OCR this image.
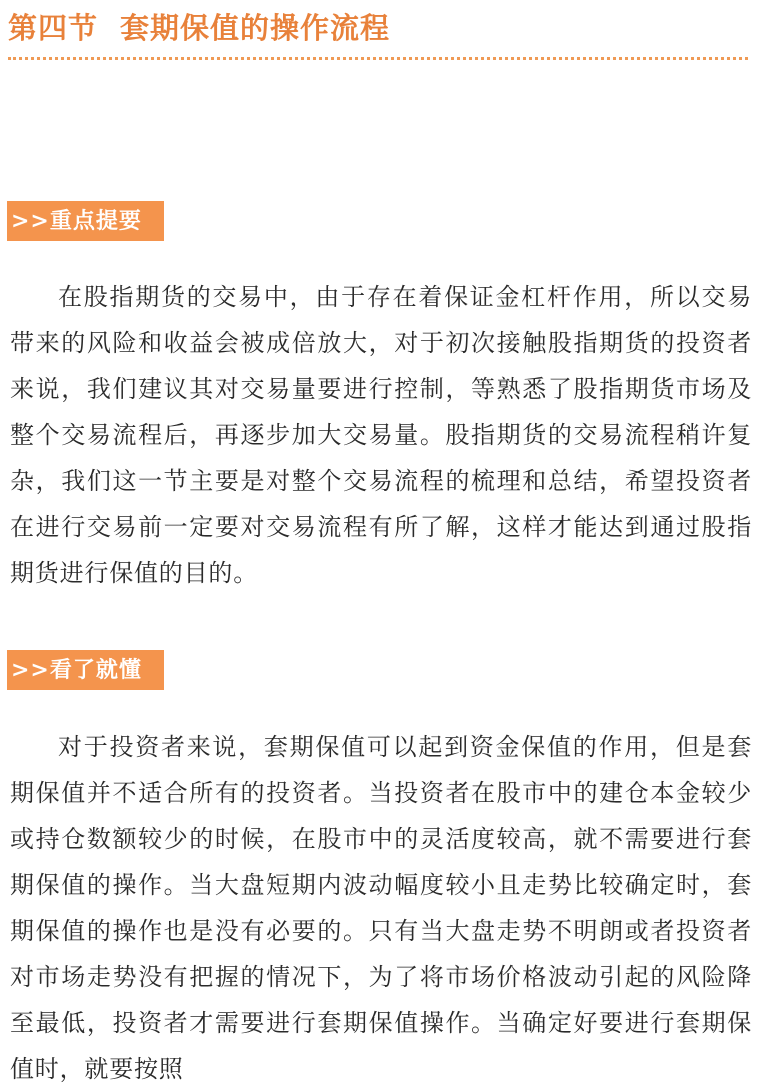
第四节 套期保值的操作流程
>>重点提要

在股指期货的交易中，由于存在着保证金杠杆作用，所以交易带来的风险和收益会被成倍放大，对于初次接触股指期货的投资者来说，我们建议其对交易量要进行控制，等熟悉了股指期货市场及整个交易流程后，再逐步加大交易量。股指期货的交易流程稍许复杂，我们这一节主要是对整个交易流程的梳理和总结，希望投资者在进行交易前一定要对交易流程有所了解，这样才能达到通过股指期货进行保值的目的。

>>看了就懂

对于投资者来说，套期保值可以起到资金保值的作用，但是套期保值并不适合所有的投资者。当投资者在股市中的建仓本金较少或持仓数额较少的时候，在股市中的灵活度较高，就不需要进行套期保值的操作。当大盘短期内波动幅度较小且走势比较确定时，套期保值的操作也是没有必要的。只有当大盘走势不明朗或者投资者对市场走势没有把握的情况下，为了将市场价格波动引起的风险降至最低，投资者才需要进行套期保值操作。当确定好要进行套期保值时，就要按照
